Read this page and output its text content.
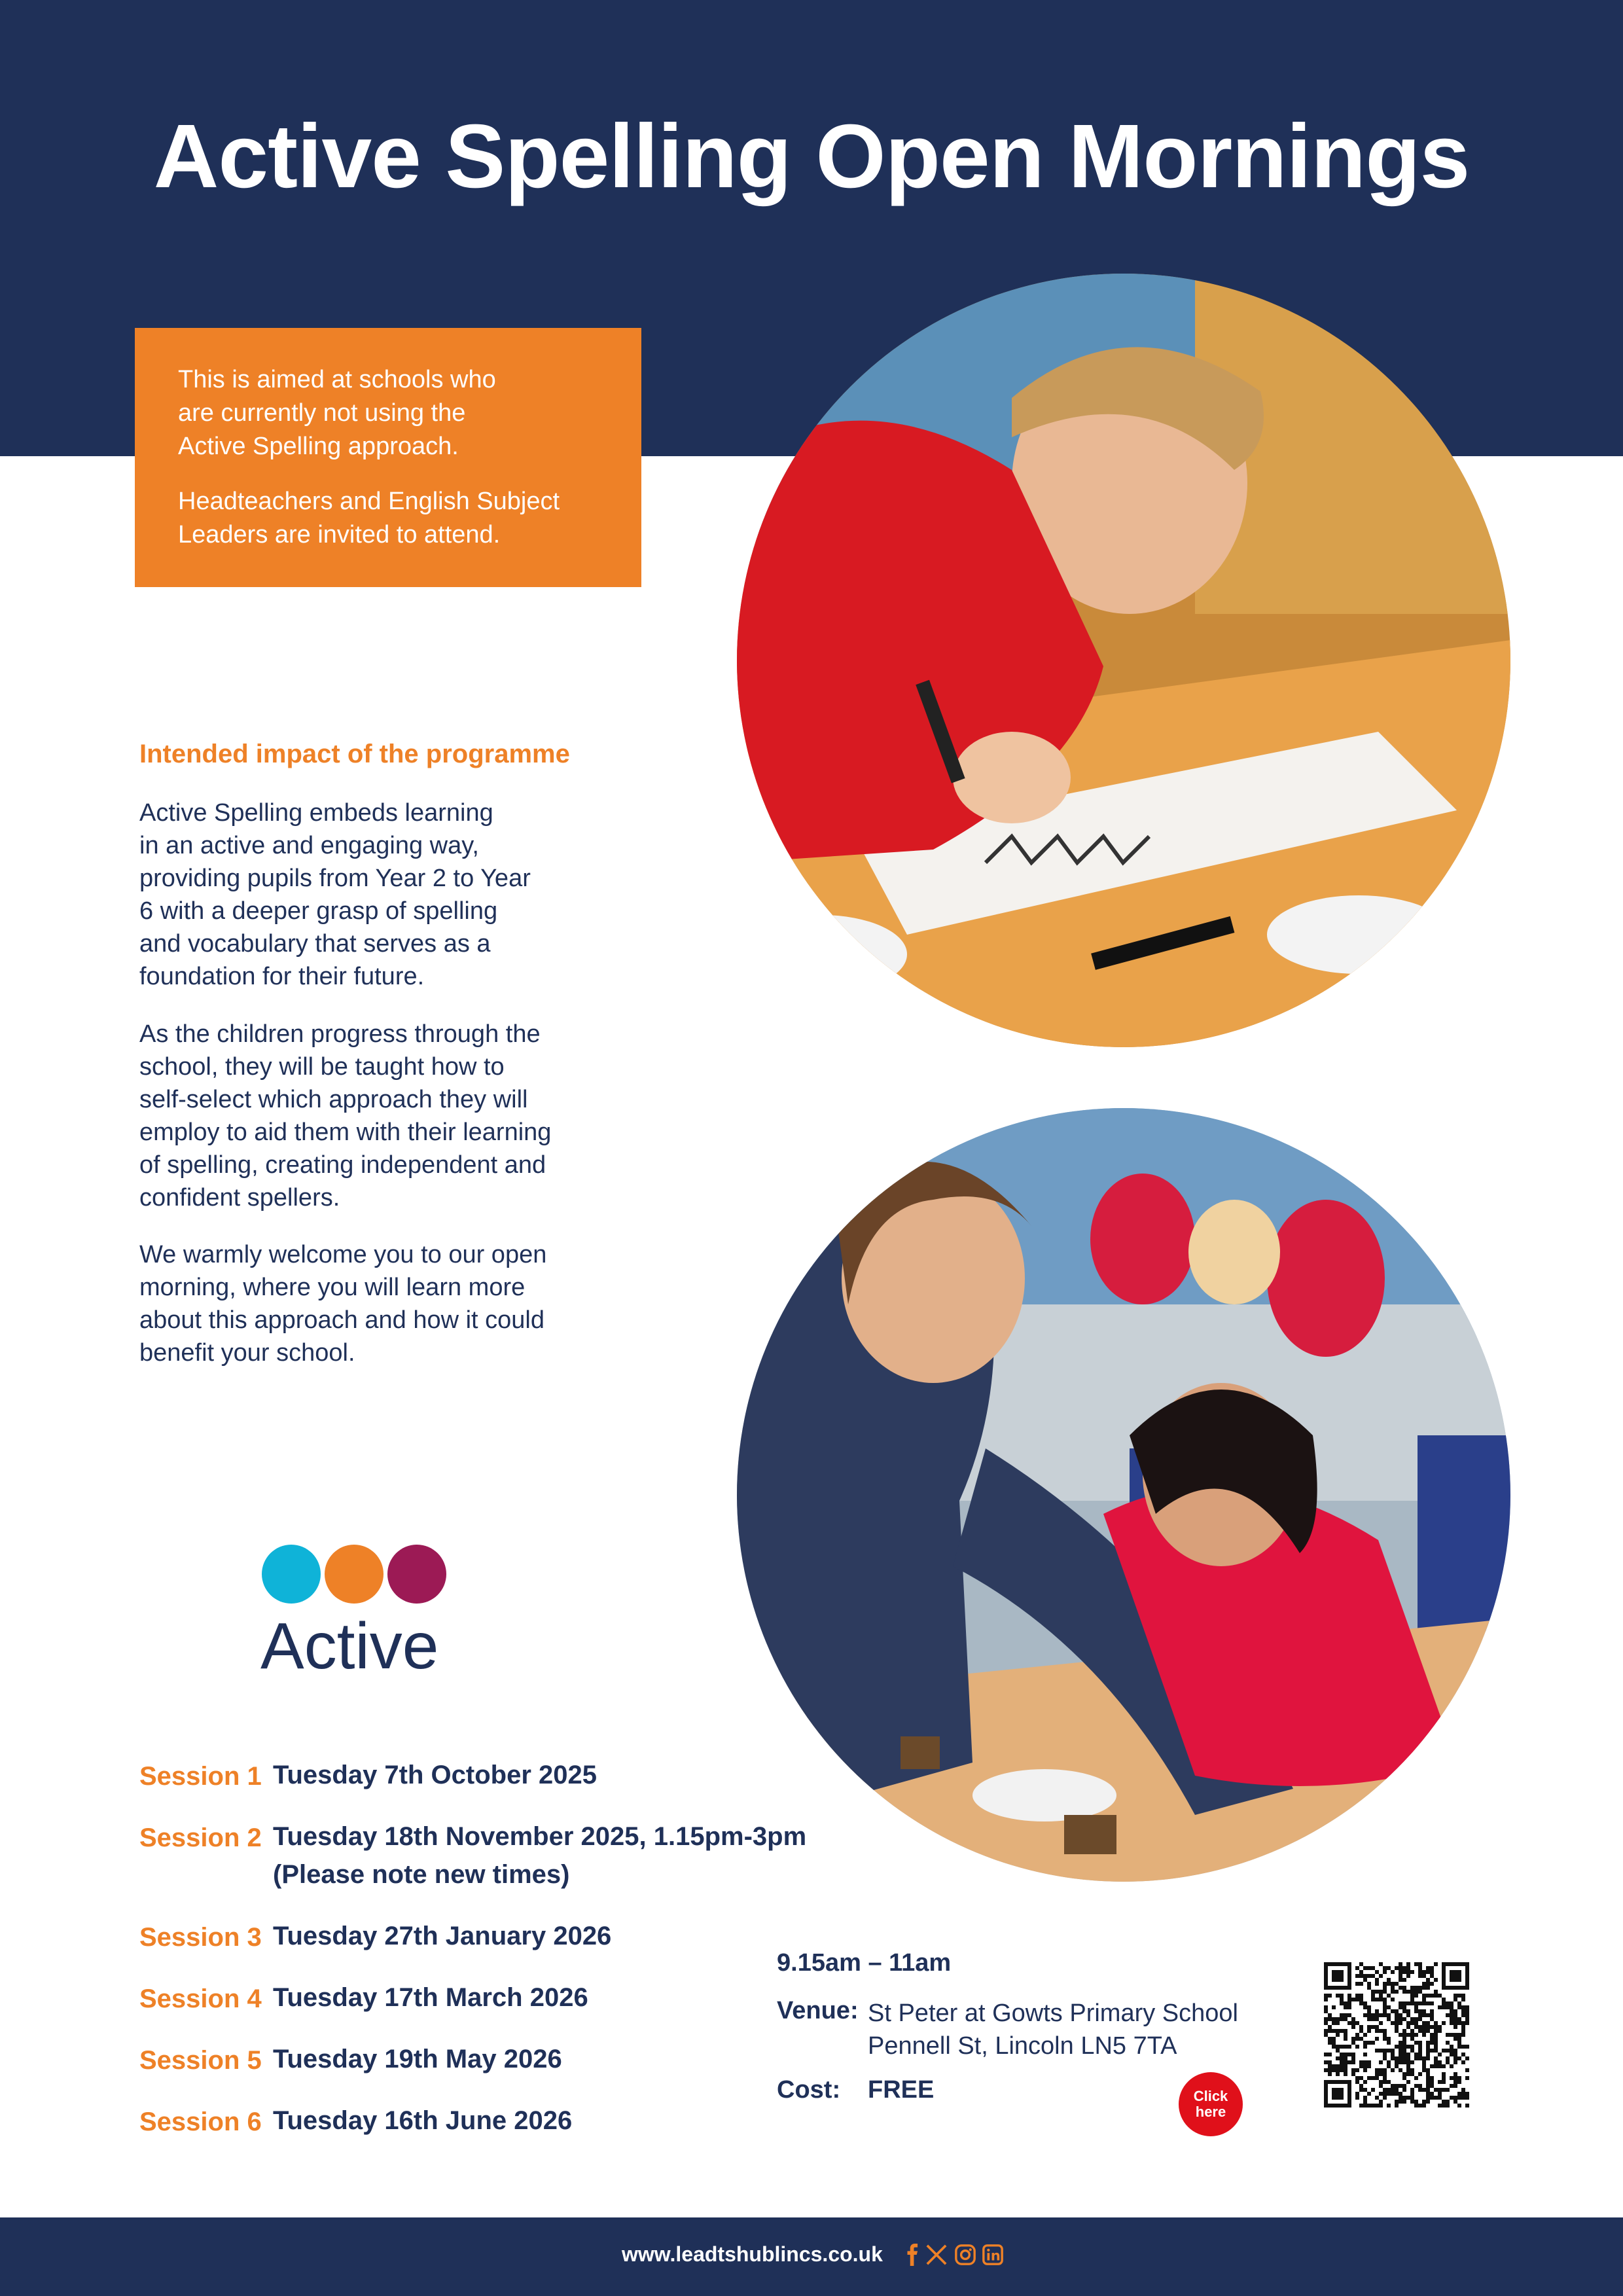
Active Spelling Open Mornings

This is aimed at schools who
are currently not using the
Active Spelling approach.

Headteachers and English Subject
Leaders are invited to attend.

Intended impact of the programme

Active Spelling embeds learning
in an active and engaging way,
providing pupils from Year 2 to Year
6 with a deeper grasp of spelling
and vocabulary that serves as a
foundation for their future.

As the children progress through the
school, they will be taught how to
self-select which approach they will
employ to aid them with their learning
of spelling, creating independent and
confident spellers.

We warmly welcome you to our open
morning, where you will learn more
about this approach and how it could
benefit your school.

Active
Session 1 Tuesday 7th October 2025
Session 2 Tuesday 18th November 2025, 1.15pm-3pm
(Please note new times)
Session 3 Tuesday 27th January 2026
Session 4 Tuesday 17th March 2026
Session 5 Tuesday 19th May 2026
Session 6 Tuesday 16th June 2026
9.15am – 11am
Venue: St Peter at Gowts Primary School
Pennell St, Lincoln LN5 7TA

Cost: FREE	Click
here
www.leadtshublincs.co.uk
